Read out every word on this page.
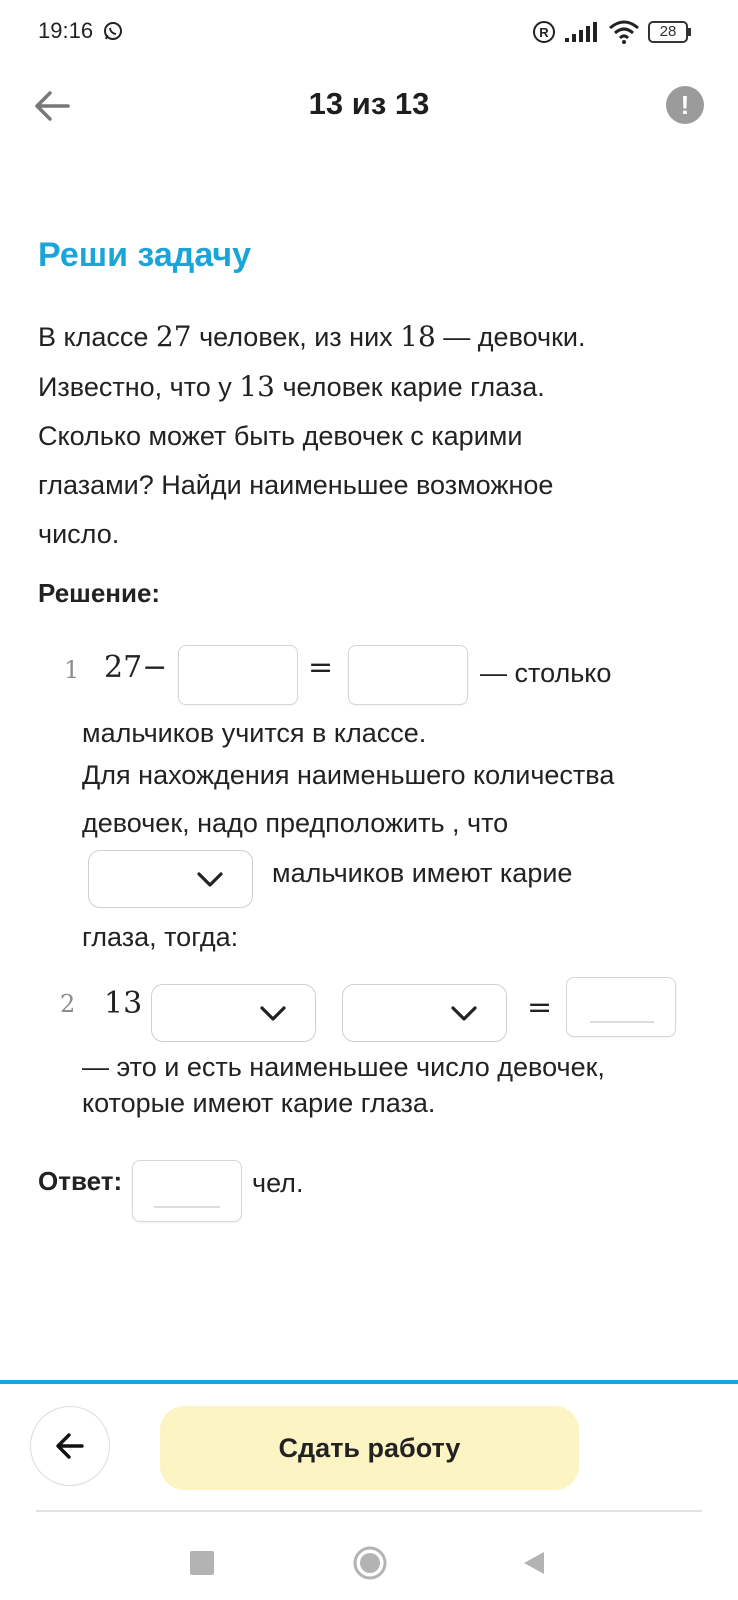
19:16	R	28
13 из 13	!
Реши задачу
В классе 27 человек, из них 18 — девочки.
Известно, что у 13 человек карие глаза.
Сколько может быть девочек с карими
глазами? Найди наименьшее возможное
число.
Решение:
1 27−	=	— столько
мальчиков учится в классе.
Для нахождения наименьшего количества
девочек, надо предположить , что
мальчиков имеют карие
глаза, тогда:
2 13	=
— это и есть наименьшее число девочек,
которые имеют карие глаза.
Ответ:	чел.
Сдать работу
